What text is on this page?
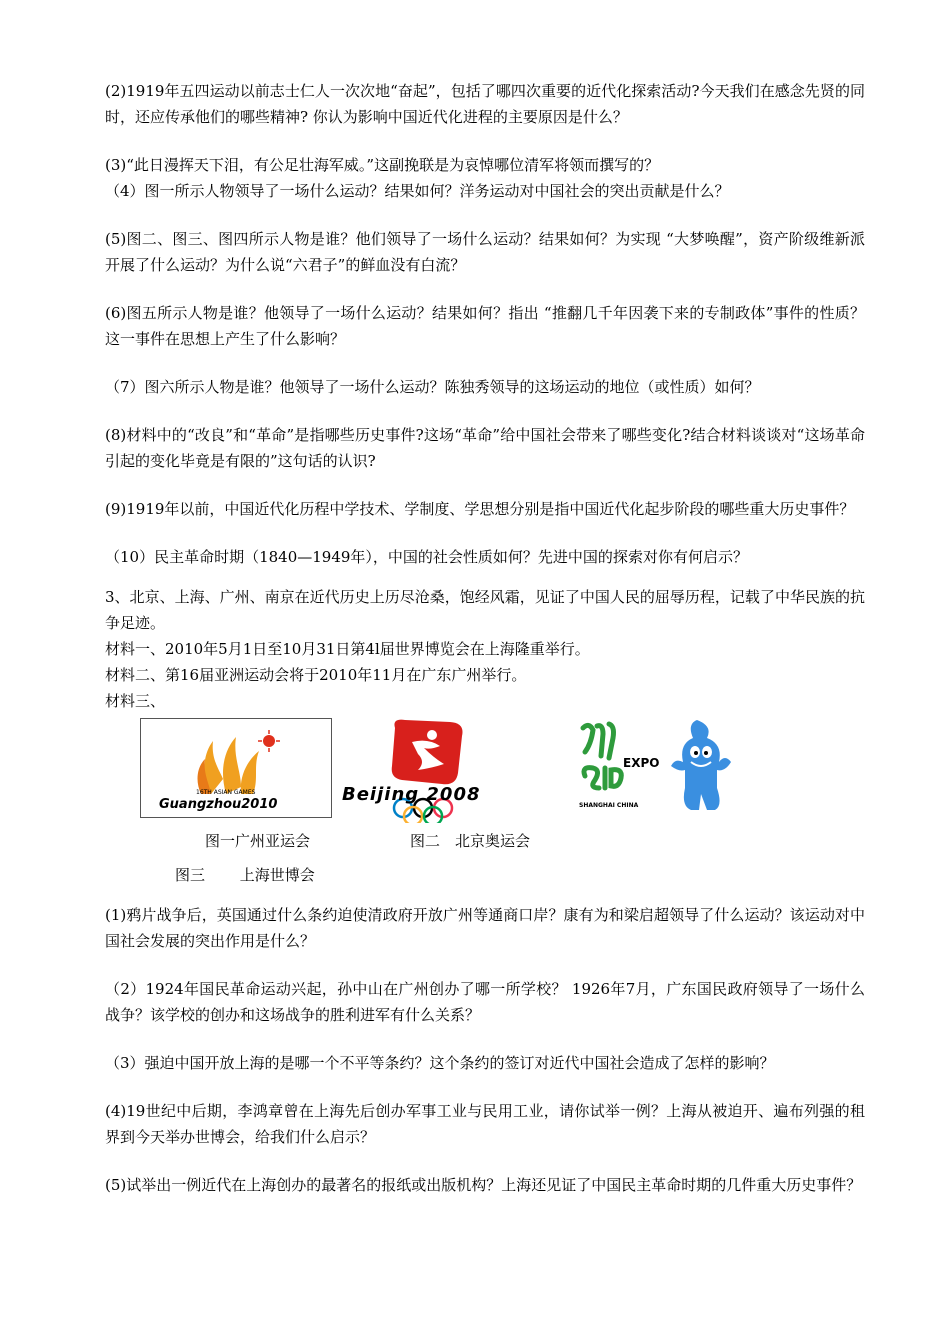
(2)1919年五四运动以前志士仁人一次次地“奋起”，包括了哪四次重要的近代化探索活动?今天我们在感念先贤的同时，还应传承他们的哪些精神? 你认为影响中国近代化进程的主要原因是什么？

(3)“此日漫挥天下泪，有公足壮海军威。”这副挽联是为哀悼哪位清军将领而撰写的？

（4）图一所示人物领导了一场什么运动？结果如何？洋务运动对中国社会的突出贡献是什么？

(5)图二、图三、图四所示人物是谁？他们领导了一场什么运动？结果如何？为实现 “大梦唤醒”，资产阶级维新派开展了什么运动？为什么说“六君子”的鲜血没有白流？

(6)图五所示人物是谁？他领导了一场什么运动？结果如何？指出 “推翻几千年因袭下来的专制政体”事件的性质？这一事件在思想上产生了什么影响？

（7）图六所示人物是谁？他领导了一场什么运动？陈独秀领导的这场运动的地位（或性质）如何？

(8)材料中的“改良”和“革命”是指哪些历史事件?这场“革命”给中国社会带来了哪些变化?结合材料谈谈对“这场革命引起的变化毕竟是有限的”这句话的认识?

(9)1919年以前，中国近代化历程中学技术、学制度、学思想分别是指中国近代化起步阶段的哪些重大历史事件？

（10）民主革命时期（1840—1949年），中国的社会性质如何？先进中国的探索对你有何启示？

3、北京、上海、广州、南京在近代历史上历尽沧桑，饱经风霜，见证了中国人民的屈辱历程，记载了中华民族的抗争足迹。

材料一、2010年5月1日至10月31日第4l届世界博览会在上海隆重举行。

材料二、第16届亚洲运动会将于2010年11月在广东广州举行。

材料三、

16TH ASIAN GAMES
Guangzhou2010	Beijing 2008
EXPO
SHANGHAI CHINA
图一广州亚运会	图二　北京奥运会
图三 上海世博会

(1)鸦片战争后，英国通过什么条约迫使清政府开放广州等通商口岸？康有为和梁启超领导了什么运动？该运动对中国社会发展的突出作用是什么？

（2）1924年国民革命运动兴起，孙中山在广州创办了哪一所学校？ 1926年7月，广东国民政府领导了一场什么战争？该学校的创办和这场战争的胜利进军有什么关系？

（3）强迫中国开放上海的是哪一个不平等条约？这个条约的签订对近代中国社会造成了怎样的影响？

(4)19世纪中后期，李鸿章曾在上海先后创办军事工业与民用工业，请你试举一例？上海从被迫开、遍布列强的租界到今天举办世博会，给我们什么启示？

(5)试举出一例近代在上海创办的最著名的报纸或出版机构？上海还见证了中国民主革命时期的几件重大历史事件？
